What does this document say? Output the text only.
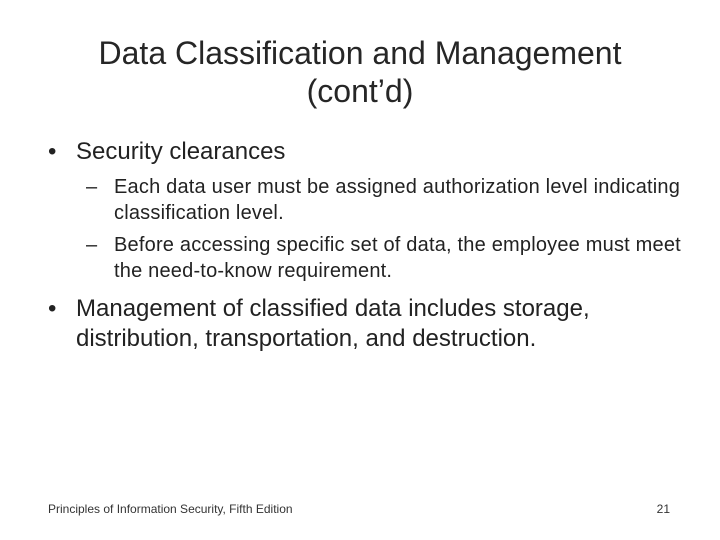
Data Classification and Management
(cont’d)
• Security clearances
– Each data user must be assigned authorization level indicating classification level.
– Before accessing specific set of data, the employee must meet the need-to-know requirement.
• Management of classified data includes storage, distribution, transportation, and destruction.
Principles of Information Security, Fifth Edition	21
